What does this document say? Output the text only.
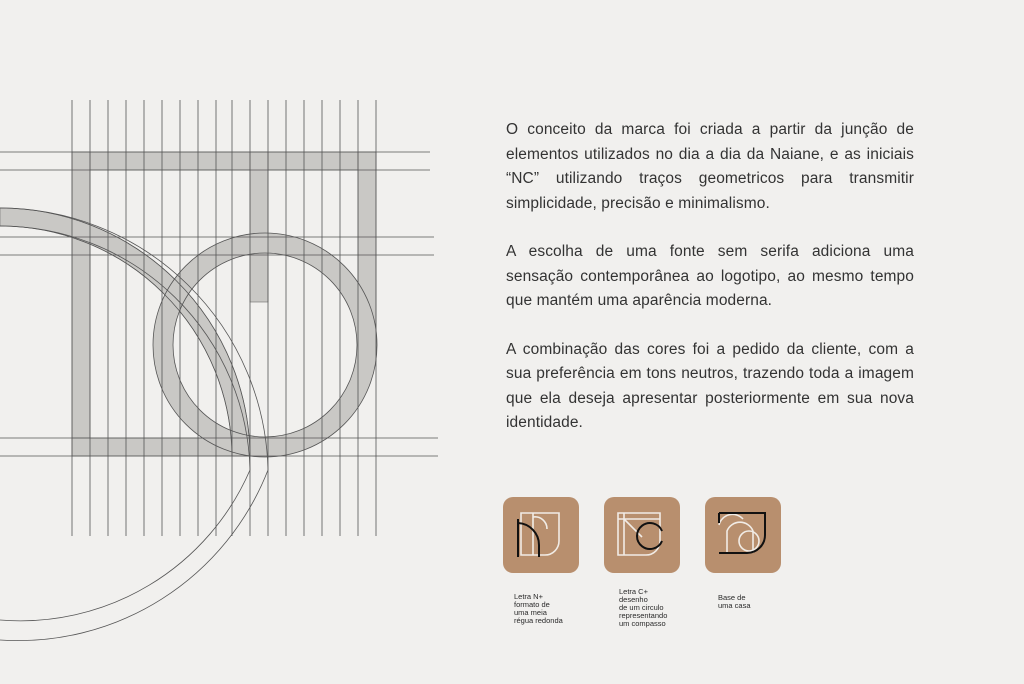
O conceito da marca foi criada a partir da junção de elementos utilizados no dia a dia da Naiane, e as iniciais “NC” utilizando traços geometricos para transmitir simplicidade, precisão e minimalismo.

A escolha de uma fonte sem serifa adiciona uma sensação contemporânea ao logotipo, ao mesmo tempo que mantém uma aparência moderna.

A combinação das cores foi a pedido da cliente, com a sua preferência em tons neutros, trazendo toda a imagem que ela deseja apresentar posteriormente em sua nova identidade.

Letra N+
formato de
uma meia
régua redonda
Letra C+
desenho
de um circulo
representando
um compasso
Base de
uma casa
